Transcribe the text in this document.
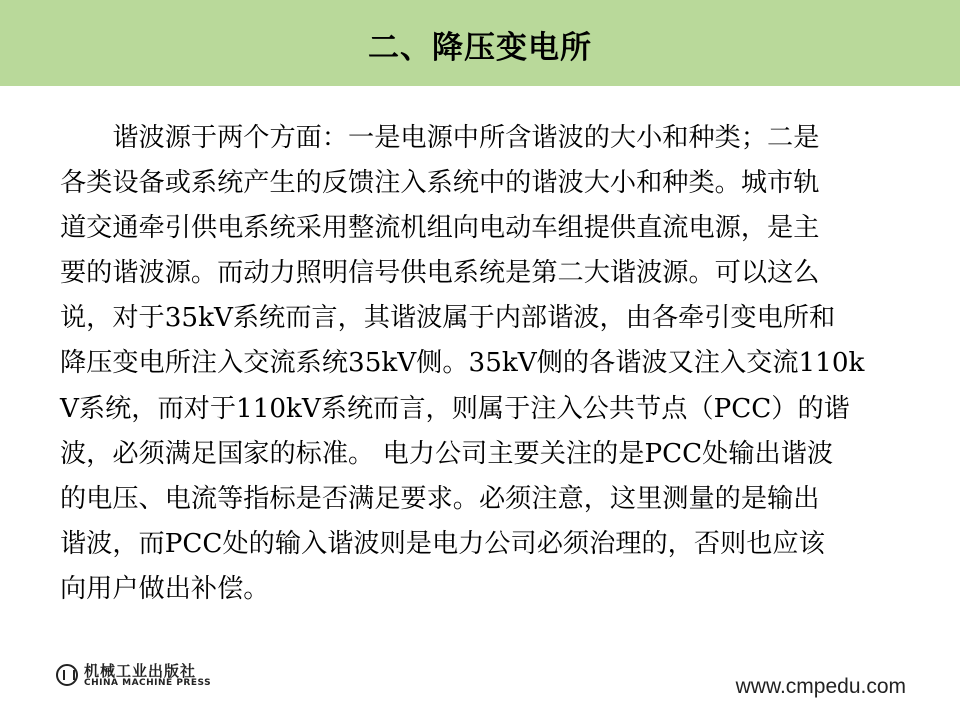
二、降压变电所
　　谐波源于两个方面：一是电源中所含谐波的大小和种类；二是
各类设备或系统产生的反馈注入系统中的谐波大小和种类。城市轨
道交通牵引供电系统采用整流机组向电动车组提供直流电源，是主
要的谐波源。而动力照明信号供电系统是第二大谐波源。可以这么
说，对于35kV系统而言，其谐波属于内部谐波，由各牵引变电所和
降压变电所注入交流系统35kV侧。35kV侧的各谐波又注入交流110k
V系统，而对于110kV系统而言，则属于注入公共节点（PCC）的谐
波，必须满足国家的标准。 电力公司主要关注的是PCC处输出谐波
的电压、电流等指标是否满足要求。必须注意，这里测量的是输出
谐波，而PCC处的输入谐波则是电力公司必须治理的，否则也应该
向用户做出补偿。
机械工业出版社
CHINA MACHINE PRESS	www.cmpedu.com
